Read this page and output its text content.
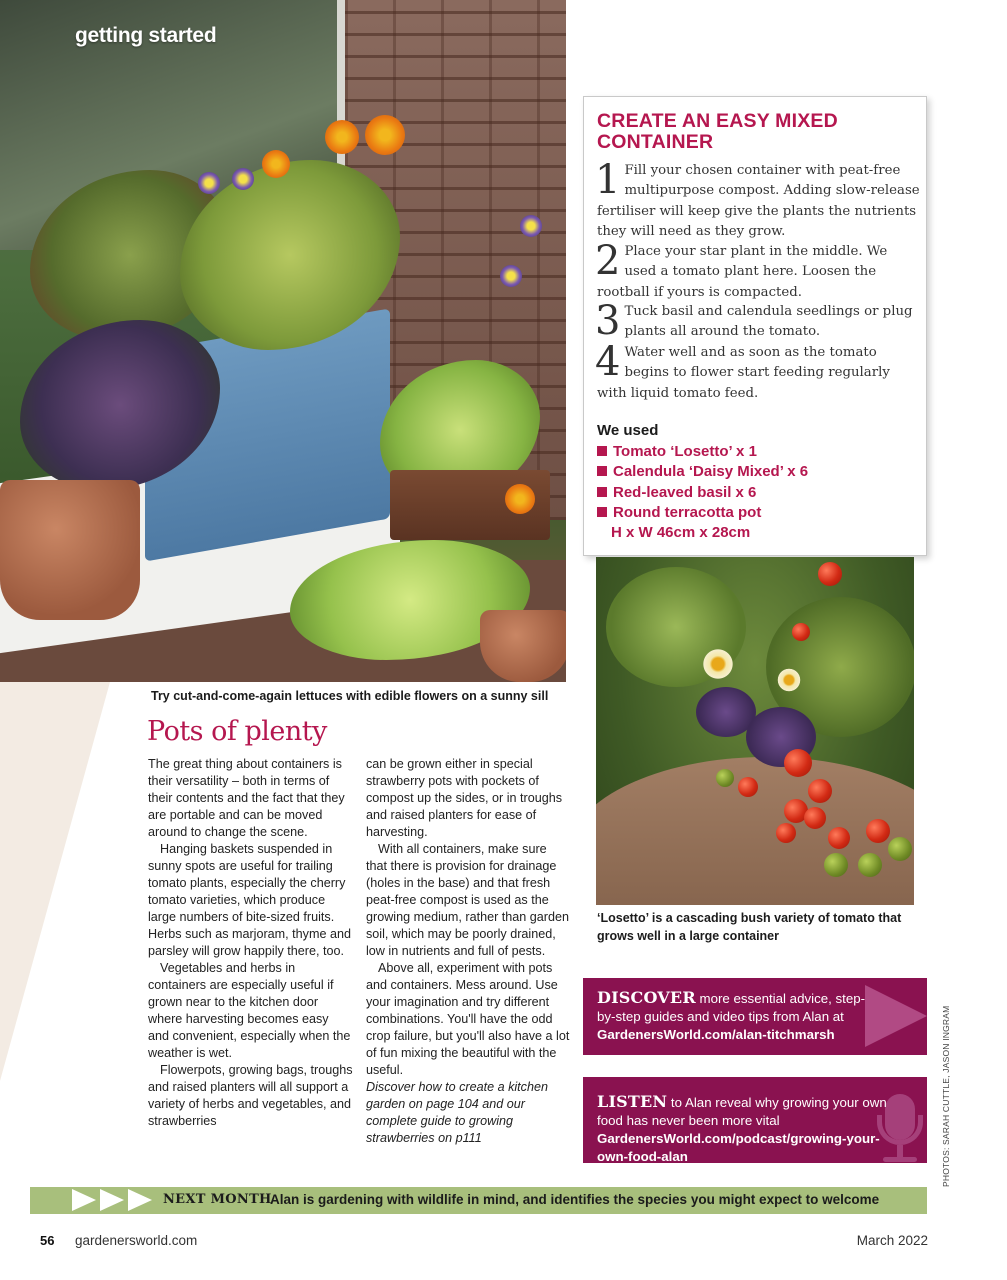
getting started
Try cut-and-come-again lettuces with edible flowers on a sunny sill
Pots of plenty

The great thing about containers is their versatility – both in terms of their contents and the fact that they are portable and can be moved around to change the scene.

Hanging baskets suspended in sunny spots are useful for trailing tomato plants, especially the cherry tomato varieties, which produce large numbers of bite-sized fruits. Herbs such as marjoram, thyme and parsley will grow happily there, too.

Vegetables and herbs in containers are especially useful if grown near to the kitchen door where harvesting becomes easy and convenient, especially when the weather is wet.

Flowerpots, growing bags, troughs and raised planters will all support a variety of herbs and vegetables, and strawberries

can be grown either in special strawberry pots with pockets of compost up the sides, or in troughs and raised planters for ease of harvesting.

With all containers, make sure that there is provision for drainage (holes in the base) and that fresh peat-free compost is used as the growing medium, rather than garden soil, which may be poorly drained, low in nutrients and full of pests.

Above all, experiment with pots and containers. Mess around. Use your imagination and try different combinations. You'll have the odd crop failure, but you'll also have a lot of fun mixing the beautiful with the useful.

Discover how to create a kitchen garden on page 104 and our complete guide to growing strawberries on p111

CREATE AN EASY MIXED CONTAINER
1 Fill your chosen container with peat-free multipurpose compost. Adding slow-release fertiliser will keep give the plants the nutrients they will need as they grow.
2 Place your star plant in the middle. We used a tomato plant here. Loosen the rootball if yours is compacted.
3 Tuck basil and calendula seedlings or plug plants all around the tomato.
4 Water well and as soon as the tomato begins to flower start feeding regularly with liquid tomato feed.
We used
Tomato ‘Losetto’ x 1
Calendula ‘Daisy Mixed’ x 6
Red-leaved basil x 6
Round terracotta pot
H x W 46cm x 28cm
‘Losetto’ is a cascading bush variety of tomato that grows well in a large container
DISCOVER more essential advice, step-by-step guides and video tips from Alan at GardenersWorld.com/alan-titchmarsh
LISTEN to Alan reveal why growing your own food has never been more vital GardenersWorld.com/podcast/growing-your-own-food-alan	PHOTOS: SARAH CUTTLE, JASON INGRAM
NEXT MONTH
Alan is gardening with wildlife in mind, and identifies the species you might expect to welcome
56 gardenersworld.com	March 2022
